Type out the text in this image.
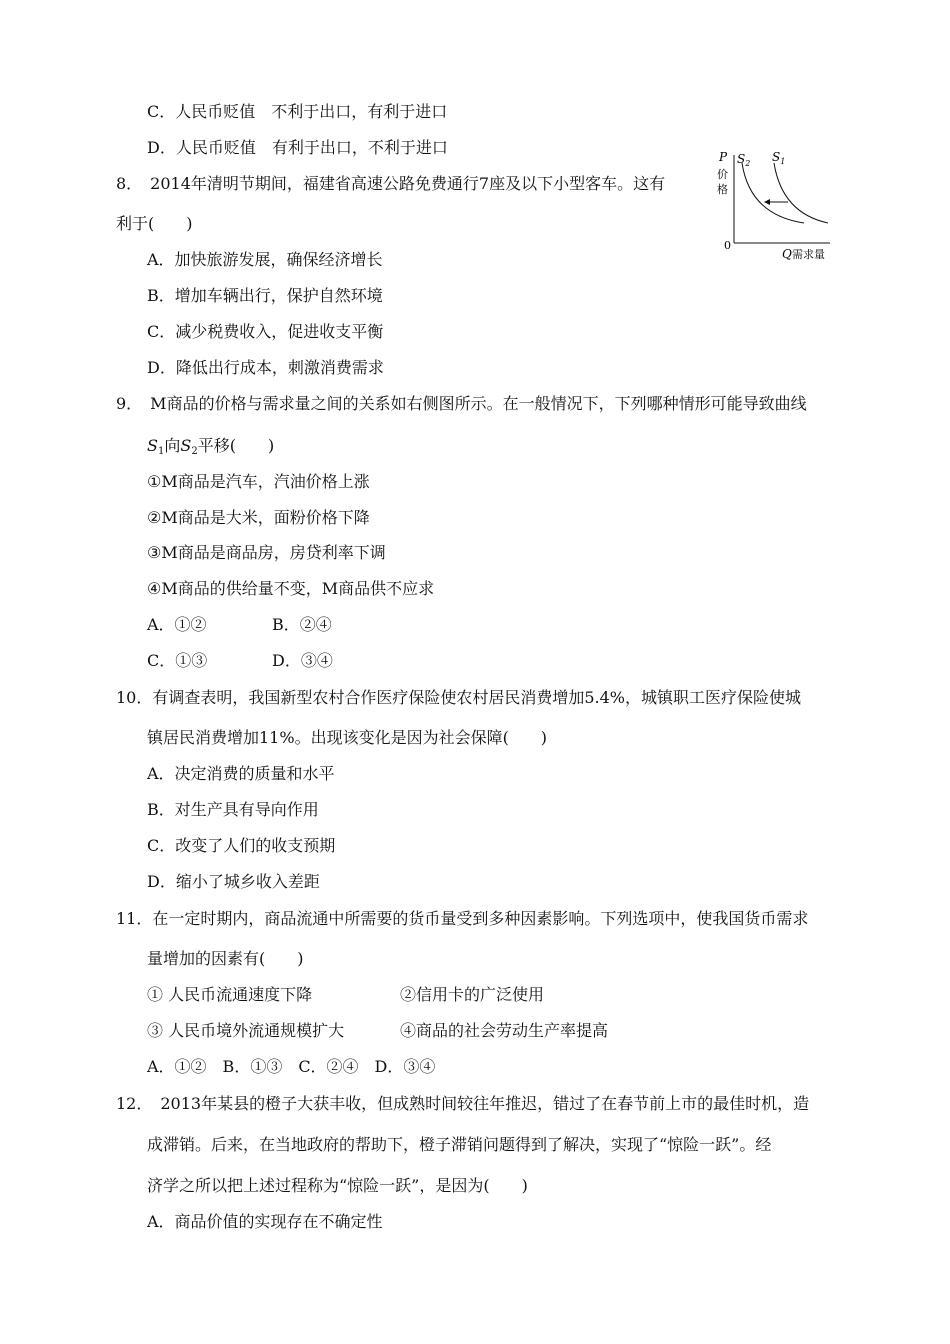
C．人民币贬值　不利于出口，有利于进口
D．人民币贬值　有利于出口，不利于进口
8．　2014年清明节期间，福建省高速公路免费通行7座及以下小型客车。这有
利于(　　)
A．加快旅游发展，确保经济增长
B．增加车辆出行，保护自然环境
C．减少税费收入，促进收支平衡
D．降低出行成本，刺激消费需求
P
价
格
$S_2$ $S_1$
0
Q 需求量
9．　M商品的价格与需求量之间的关系如右侧图所示。在一般情况下，下列哪种情形可能导致曲线
$S_1$向$S_2$平移(　　)
①M商品是汽车，汽油价格上涨
②M商品是大米，面粉价格下降
③M商品是商品房，房贷利率下调
④M商品的供给量不变，M商品供不应求
A．①②	B．②④
C．①③	D．③④
10．有调查表明，我国新型农村合作医疗保险使农村居民消费增加5.4%，城镇职工医疗保险使城
镇居民消费增加11%。出现该变化是因为社会保障(　　)
A．决定消费的质量和水平
B．对生产具有导向作用
C．改变了人们的收支预期
D．缩小了城乡收入差距
11．在一定时期内，商品流通中所需要的货币量受到多种因素影响。下列选项中，使我国货币需求
量增加的因素有(　　)
① 人民币流通速度下降	②信用卡的广泛使用
③ 人民币境外流通规模扩大	④商品的社会劳动生产率提高
A．①②　B．①③　C．②④　D．③④
12．　2013年某县的橙子大获丰收，但成熟时间较往年推迟，错过了在春节前上市的最佳时机，造
成滞销。后来，在当地政府的帮助下，橙子滞销问题得到了解决，实现了“惊险一跃”。经
济学之所以把上述过程称为“惊险一跃”，是因为(　　)
A．商品价值的实现存在不确定性
